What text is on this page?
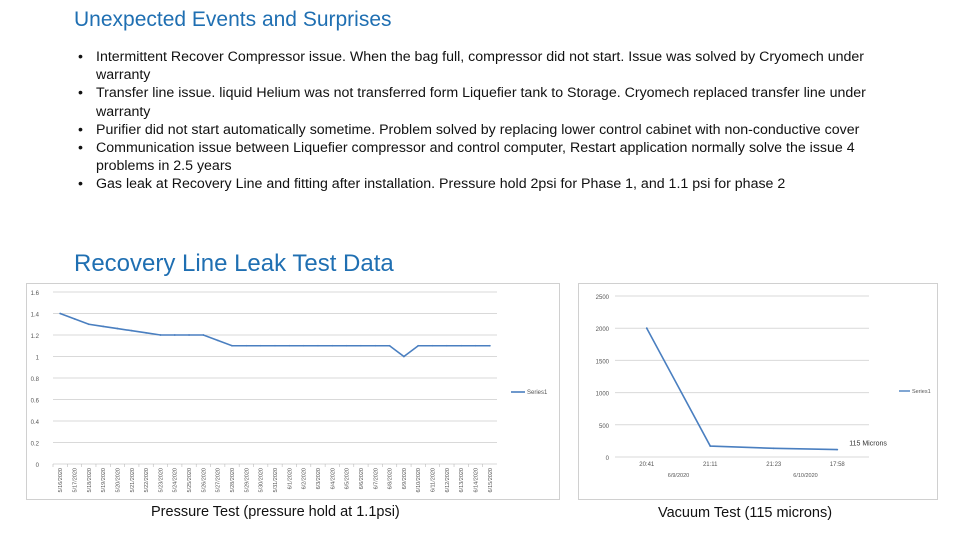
Unexpected Events and Surprises
• Intermittent Recover Compressor issue. When the bag full, compressor did not start. Issue was solved by Cryomech under warranty
• Transfer line issue. liquid Helium was not transferred form Liquefier tank to Storage. Cryomech replaced transfer line under warranty
• Purifier did not start automatically sometime. Problem solved by replacing lower control cabinet with non-conductive cover
• Communication issue between Liquefier compressor and control computer, Restart application normally solve the issue 4 problems in 2.5 years
• Gas leak at Recovery Line and fitting after installation. Pressure hold 2psi for Phase 1, and 1.1 psi for phase 2
Recovery Line Leak Test Data
0
0.2
0.4
0.6
0.8
1
1.2
1.4
1.6
5/16/2020 5/17/2020 5/18/2020 5/19/2020 5/20/2020 5/21/2020 5/22/2020 5/23/2020 5/24/2020 5/25/2020 5/26/2020 5/27/2020 5/28/2020 5/29/2020 5/30/2020 5/31/2020 6/1/2020 6/2/2020 6/3/2020 6/4/2020 6/5/2020 6/6/2020 6/7/2020 6/8/2020 6/9/2020 6/10/2020 6/11/2020 6/12/2020 6/13/2020 6/14/2020 6/15/2020
Series1
0
500
1000
1500
2000
2500
20:41	21:11	21:23	17:58
6/9/2020	6/10/2020
Series1
115 Microns
Pressure Test (pressure hold at 1.1psi)	Vacuum Test (115 microns)
